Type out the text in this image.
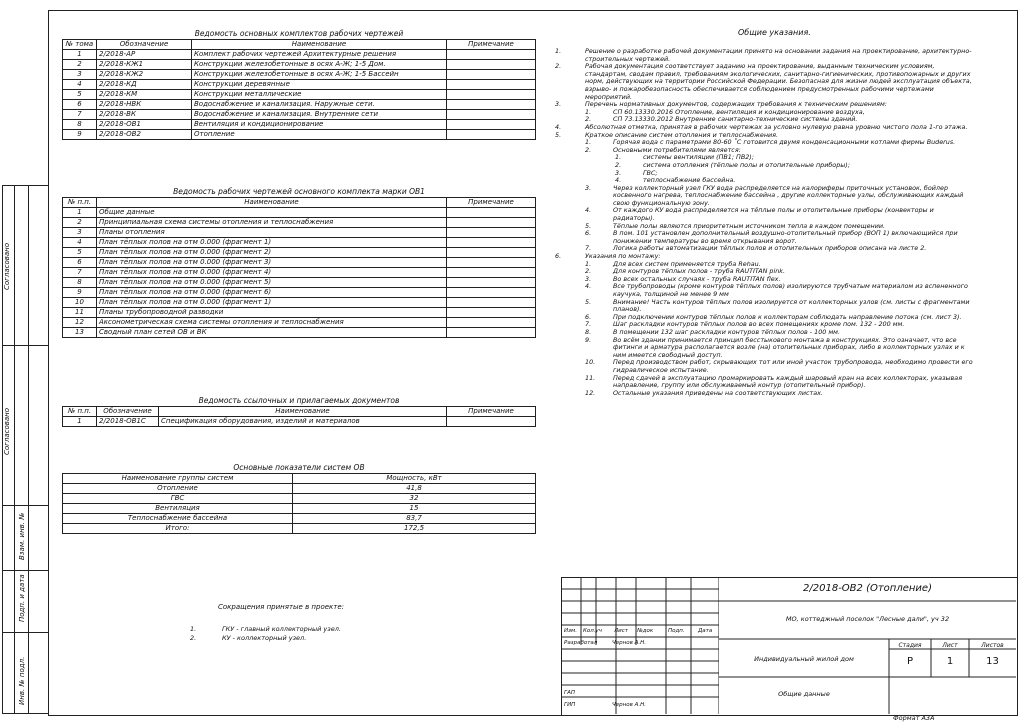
Согласовано
Согласовано
Взам. инв. №
Подп. и дата
Инв. № подл.
Ведомость основных комплектов рабочих чертежей			
№ тома	Обозначение	Наименование	Примечание
1	2/2018-АР	Комплект рабочих чертежей Архитектурные решения	
2	2/2018-КЖ1	Конструкции железобетонные в осях А-Ж; 1-5 Дом.	
3	2/2018-КЖ2	Конструкции железобетонные в осях А-Ж; 1-5 Бассейн	
4	2/2018-КД	Конструкции деревянные	
5	2/2018-КМ	Конструкции металлические	
6	2/2018-НВК	Водоснабжение и канализация. Наружные сети.	
7	2/2018-ВК	Водоснабжение и канализация. Внутренние сети	
8	2/2018-ОВ1	Вентиляция и кондиционирование	
9	2/2018-ОВ2	Отопление	
Ведомость рабочих чертежей основного комплекта марки ОВ1		
№ п.п.	Наименование	Примечание
1	Общие данные	
2	Принципиальная схема системы отопления и теплоснабжения	
3	Планы отопления	
4	План тёплых полов на отм 0.000 (фрагмент 1)	
5	План тёплых полов на отм 0.000 (фрагмент 2)	
6	План тёплых полов на отм 0.000 (фрагмент 3)	
7	План тёплых полов на отм 0.000 (фрагмент 4)	
8	План тёплых полов на отм 0.000 (фрагмент 5)	
9	План тёплых полов на отм 0.000 (фрагмент 6)	
10	План тёплых полов на отм 0.000 (фрагмент 1)	
11	Планы трубопроводной разводки	
12	Аксонометрическая схема системы отопления и теплоснабжения	
13	Сводный план сетей ОВ и ВК	
Ведомость ссылочных и прилагаемых документов			
№ п.п.	Обозначение	Наименование	Примечание
1	2/2018-ОВ1С	Спецификация оборудования, изделий и материалов	
Основные показатели систем ОВ	
Наименование группы систем	Мощность, кВт
Отопление	41,8
ГВС	32
Вентиляция	15
Теплоснабжение бассейна	83,7
Итого:	172,5
Сокращения принятые в проекте:
1.	ГКУ - главный коллекторный узел.
2.	КУ - коллекторный узел.
Общие указания.
1.	Решение о разработке рабочей документации принято на основании задания на проектирование, архитектурно-строительных чертежей.
2.	Рабочая документация соответствует заданию на проектирование, выданным техническим условиям, стандартам, сводам правил, требованиям экологических, санитарно-гигиенических, противопожарных и других норм, действующих на территории Российской Федерации. Безопасная для жизни людей эксплуатация объекта, взрыво- и пожаробезопасность обеспечивается соблюдением предусмотренных рабочими чертежами мероприятий.
3.	Перечень нормативных документов, содержащих требования к техническим решениям:
1.	СП 60.13330.2016 Отопление, вентиляция и кондиционирование воздуха,
2.	СП 73.13330.2012 Внутренние санитарно-технические системы зданий.
4.	Абсолютная отметка, принятая в рабочих чертежах за условно нулевую равна уровню чистого пола 1-го этажа.
5.	Краткое описание систем отопления и теплоснабжения.
1.	Горячая вода с параметрами 80-60 ˚С готовится двумя конденсационными котлами фирмы Buderus.
2.	Основными потребителями является:
1.	системы вентиляции (ПВ1; ПВ2);
2.	система отопления (тёплые полы и отопительные приборы);
3.	ГВС;
4.	теплоснабжение бассейна.
3.	Через коллекторный узел ГКУ вода распределяется на калориферы приточных установок, бойлер косвенного нагрева, теплоснабжение бассейна , другие коллекторные узлы, обслуживающих каждый свою функциональную зону.
4.	От каждого КУ вода распределяется на тёплые полы и отопительные приборы (конвекторы и радиаторы).
5.	Тёплые полы являются приоритетным источником тепла в каждом помещении.
6.	В пом. 101 установлен дополнительный воздушно-отопительный прибор (ВОП 1) включающийся при понижении температуры во время открывания ворот.
7.	Логика работы автоматизации тёплых полов и отопительных приборов описана на листе 2.
6.	Указания по монтажу:
1.	Для всех систем применяется труба Rehau.
2.	Для контуров тёплых полов - труба RAUTITAN pink.
3.	Во всех остальных случаях - труба RAUTITAN flex.
4.	Все трубопроводы (кроме контуров тёплых полов) изолируются трубчатым материалом из вспененного каучука, толщиной не менее 9 мм
5.	Внимание! Часть контуров тёплых полов изолируется от коллекторных узлов (см. листы с фрагментами планов).
6.	При подключении контуров тёплых полов к коллекторам соблюдать направление потока (см. лист 3).
7.	Шаг раскладки контуров тёплых полов во всех помещениях кроме пом. 132 - 200 мм.
8.	В помещении 132 шаг раскладки контуров тёплых полов - 100 мм.
9.	Во всём здании принимается принцип бесстыкового монтажа в конструкциях. Это означает, что все фитинги и арматура располагается возле (на) отопительных приборах, либо в коллекторных узлах и к ним имеется свободный доступ.
10.	Перед производством работ, скрывающих тот или иной участок трубопровода, необходимо провести его гидравлическое испытание.
11.	Перед сдачей в эксплуатацию промаркировать каждый шаровый кран на всех коллекторах, указывая направление, группу или обслуживаемый контур (отопительный прибор).
12.	Остальные указания приведены на соответствующих листах.
Изм. Кол.уч Лист №док	Подп. Дата
Разработал	Чернов А.Н.
ГАП
ГИП	Чернов А.Н.
2/2018-ОВ2 (Отопление)
МО, коттеджный поселок "Лесные дали", уч 32
Индивидуальный жилой дом
Стадия	Лист	Листов
Р	1	13
Общие данные
Формат А3А
